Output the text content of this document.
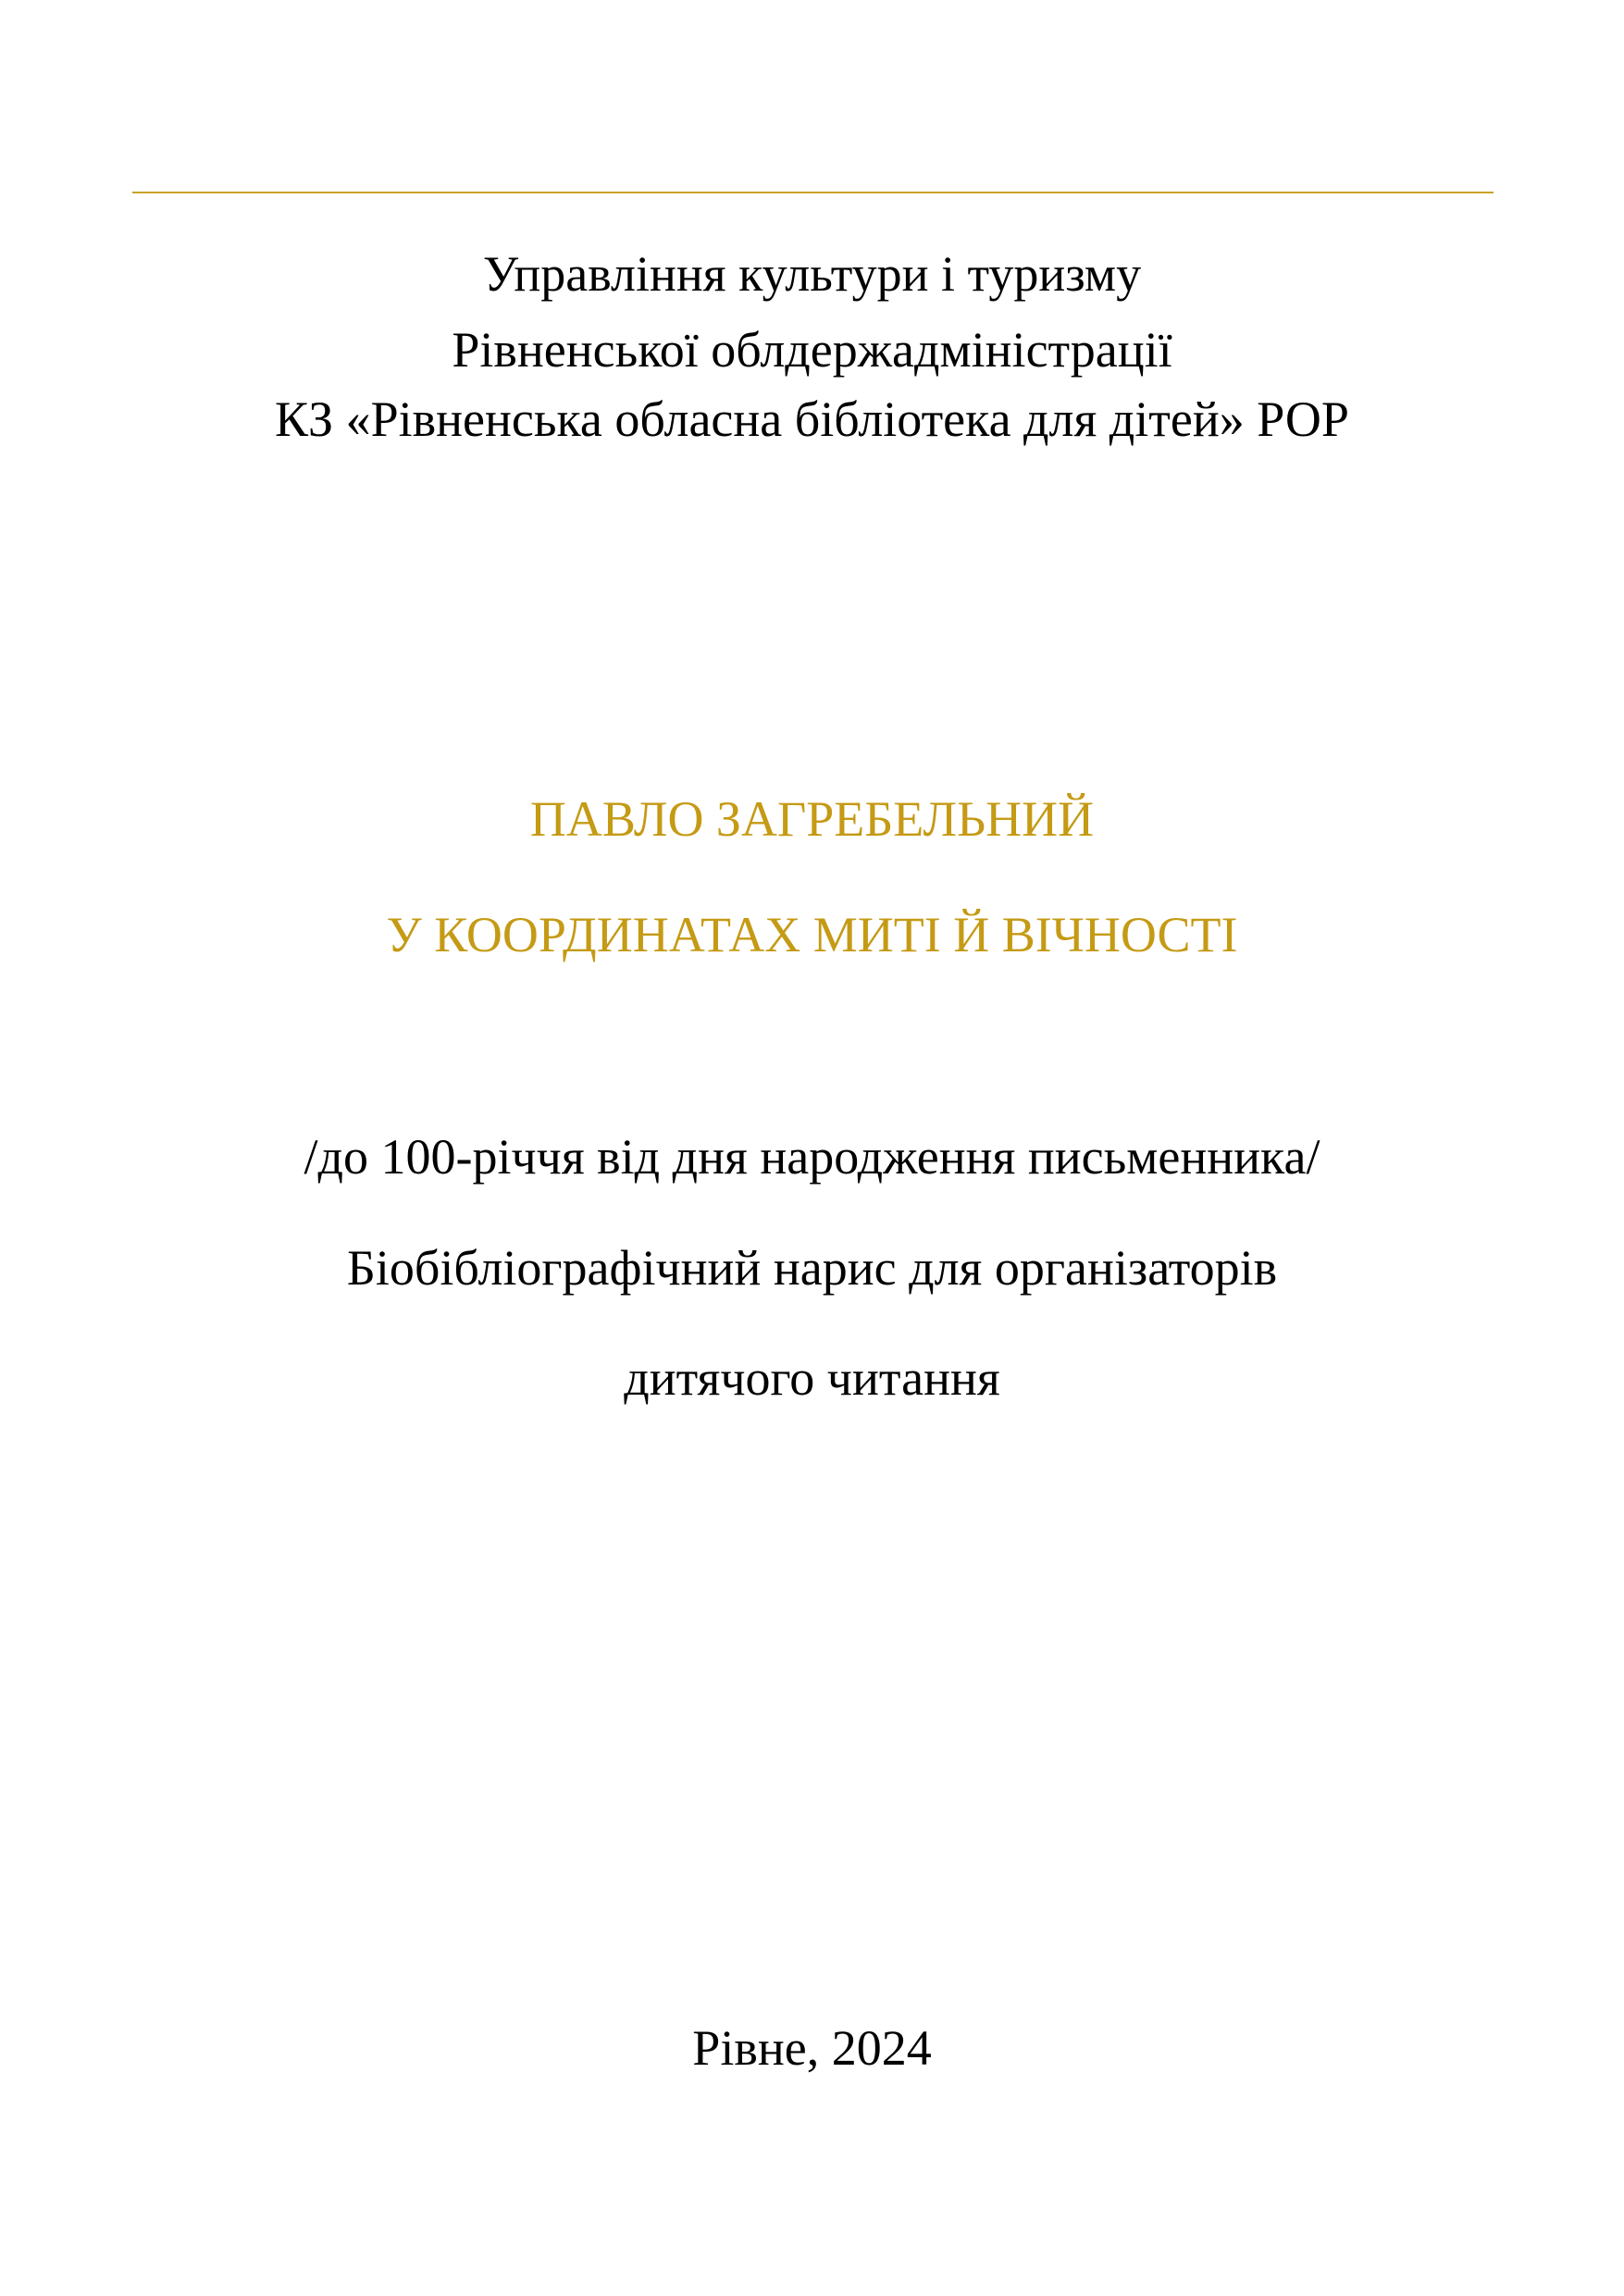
Управління культури і туризму
Рівненської облдержадміністрації
КЗ «Рівненська обласна бібліотека для дітей» РОР
ПАВЛО ЗАГРЕБЕЛЬНИЙ
У КООРДИНАТАХ МИТІ Й ВІЧНОСТІ
/до 100-річчя від дня народження письменника/
Біобібліографічний нарис для організаторів
дитячого читання
Рівне, 2024
